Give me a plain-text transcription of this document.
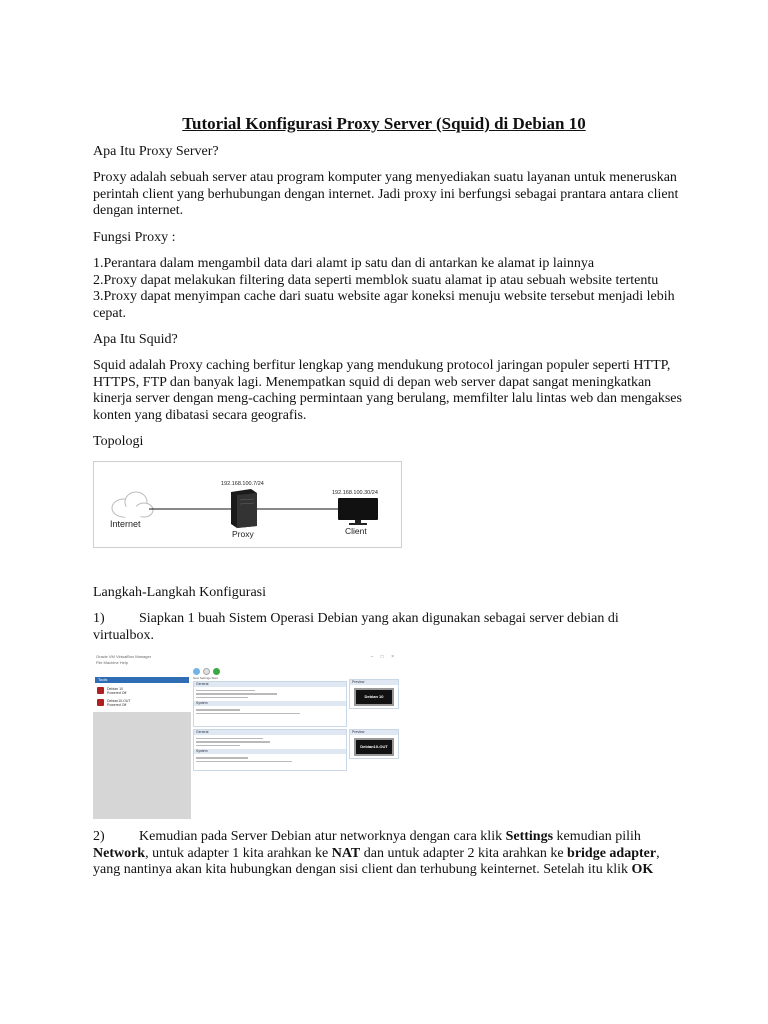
Tutorial Konfigurasi Proxy Server (Squid) di Debian 10

Apa Itu Proxy Server?

Proxy adalah sebuah server atau program komputer yang menyediakan suatu layanan untuk meneruskan perintah client yang berhubungan dengan internet. Jadi proxy ini berfungsi sebagai prantara antara client dengan internet.

Fungsi Proxy :

1.Perantara dalam mengambil data dari alamt ip satu dan di antarkan ke alamat ip lainnya
2.Proxy dapat melakukan filtering data seperti memblok suatu alamat ip atau sebuah website tertentu
3.Proxy dapat menyimpan cache dari suatu website agar koneksi menuju website tersebut menjadi lebih cepat.

Apa Itu Squid?

Squid adalah Proxy caching berfitur lengkap yang mendukung protocol jaringan populer seperti HTTP, HTTPS, FTP dan banyak lagi. Menempatkan squid di depan web server dapat sangat meningkatkan kinerja server dengan meng-caching permintaan yang berulang, memfilter lalu lintas web dan mengakses konten yang dibatasi secara geografis.

Topologi

Internet
192.168.100.7/24
Proxy
192.168.100.30/24
Client

Langkah-Langkah Konfigurasi

1) Siapkan 1 buah Sistem Operasi Debian yang akan digunakan sebagai server debian di virtualbox.

Oracle VM VirtualBox Manager	– □ ×
File Machine Help
Tools
Debian 10
Powered Off
Debian10-OUT
Powered Off
New Settings Start
General
System
Preview
Debian 10
General
System
Preview
Debian10-OUT

2) Kemudian pada Server Debian atur networknya dengan cara klik Settings kemudian pilih Network, untuk adapter 1 kita arahkan ke NAT dan untuk adapter 2 kita arahkan ke bridge adapter, yang nantinya akan kita hubungkan dengan sisi client dan terhubung keinternet. Setelah itu klik OK
